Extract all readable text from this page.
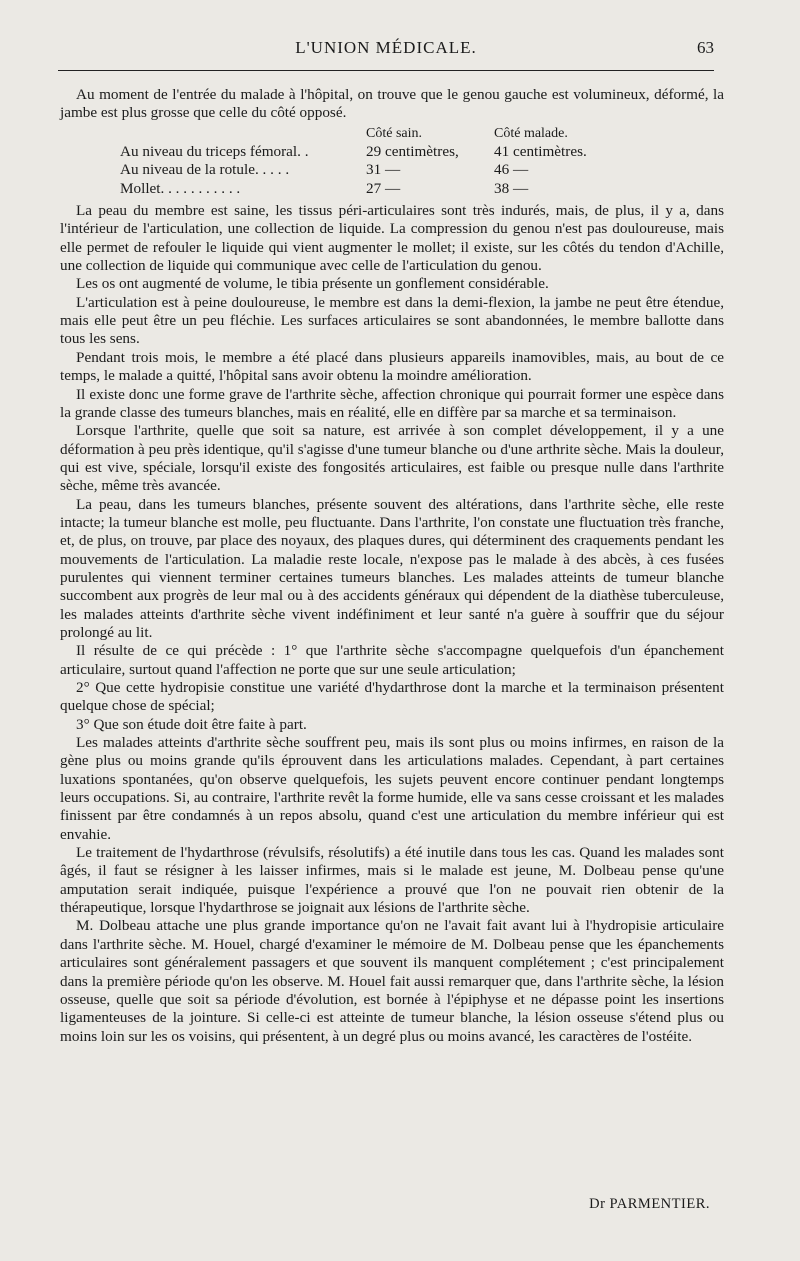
L'UNION MÉDICALE.	63

Au moment de l'entrée du malade à l'hôpital, on trouve que le genou gauche est volumineux, déformé, la jambe est plus grosse que celle du côté opposé.

	Côté sain.	Côté malade.
Au niveau du triceps fémoral. .	29 centimètres,	41 centimètres.
Au niveau de la rotule. . . . .	31 —	46 —
Mollet. . . . . . . . . . .	27 —	38 —

La peau du membre est saine, les tissus péri-articulaires sont très indurés, mais, de plus, il y a, dans l'intérieur de l'articulation, une collection de liquide. La compression du genou n'est pas douloureuse, mais elle permet de refouler le liquide qui vient augmenter le mollet; il existe, sur les côtés du tendon d'Achille, une collection de liquide qui communique avec celle de l'articulation du genou.

Les os ont augmenté de volume, le tibia présente un gonflement considérable.

L'articulation est à peine douloureuse, le membre est dans la demi-flexion, la jambe ne peut être étendue, mais elle peut être un peu fléchie. Les surfaces articulaires se sont abandonnées, le membre ballotte dans tous les sens.

Pendant trois mois, le membre a été placé dans plusieurs appareils inamovibles, mais, au bout de ce temps, le malade a quitté, l'hôpital sans avoir obtenu la moindre amélioration.

Il existe donc une forme grave de l'arthrite sèche, affection chronique qui pourrait former une espèce dans la grande classe des tumeurs blanches, mais en réalité, elle en diffère par sa marche et sa terminaison.

Lorsque l'arthrite, quelle que soit sa nature, est arrivée à son complet développement, il y a une déformation à peu près identique, qu'il s'agisse d'une tumeur blanche ou d'une arthrite sèche. Mais la douleur, qui est vive, spéciale, lorsqu'il existe des fongosités articulaires, est faible ou presque nulle dans l'arthrite sèche, même très avancée.

La peau, dans les tumeurs blanches, présente souvent des altérations, dans l'arthrite sèche, elle reste intacte; la tumeur blanche est molle, peu fluctuante. Dans l'arthrite, l'on constate une fluctuation très franche, et, de plus, on trouve, par place des noyaux, des plaques dures, qui déterminent des craquements pendant les mouvements de l'articulation. La maladie reste locale, n'expose pas le malade à des abcès, à ces fusées purulentes qui viennent terminer certaines tumeurs blanches. Les malades atteints de tumeur blanche succombent aux progrès de leur mal ou à des accidents généraux qui dépendent de la diathèse tuberculeuse, les malades atteints d'arthrite sèche vivent indéfiniment et leur santé n'a guère à souffrir que du séjour prolongé au lit.

Il résulte de ce qui précède : 1° que l'arthrite sèche s'accompagne quelquefois d'un épanchement articulaire, surtout quand l'affection ne porte que sur une seule articulation;

2° Que cette hydropisie constitue une variété d'hydarthrose dont la marche et la terminaison présentent quelque chose de spécial;

3° Que son étude doit être faite à part.

Les malades atteints d'arthrite sèche souffrent peu, mais ils sont plus ou moins infirmes, en raison de la gène plus ou moins grande qu'ils éprouvent dans les articulations malades. Cependant, à part certaines luxations spontanées, qu'on observe quelquefois, les sujets peuvent encore continuer pendant longtemps leurs occupations. Si, au contraire, l'arthrite revêt la forme humide, elle va sans cesse croissant et les malades finissent par être condamnés à un repos absolu, quand c'est une articulation du membre inférieur qui est envahie.

Le traitement de l'hydarthrose (révulsifs, résolutifs) a été inutile dans tous les cas. Quand les malades sont âgés, il faut se résigner à les laisser infirmes, mais si le malade est jeune, M. Dolbeau pense qu'une amputation serait indiquée, puisque l'expérience a prouvé que l'on ne pouvait rien obtenir de la thérapeutique, lorsque l'hydarthrose se joignait aux lésions de l'arthrite sèche.

M. Dolbeau attache une plus grande importance qu'on ne l'avait fait avant lui à l'hydropisie articulaire dans l'arthrite sèche. M. Houel, chargé d'examiner le mémoire de M. Dolbeau pense que les épanchements articulaires sont généralement passagers et que souvent ils manquent complétement ; c'est principalement dans la première période qu'on les observe. M. Houel fait aussi remarquer que, dans l'arthrite sèche, la lésion osseuse, quelle que soit sa période d'évolution, est bornée à l'épiphyse et ne dépasse point les insertions ligamenteuses de la jointure. Si celle-ci est atteinte de tumeur blanche, la lésion osseuse s'étend plus ou moins loin sur les os voisins, qui présentent, à un degré plus ou moins avancé, les caractères de l'ostéite.

Dr PARMENTIER.
